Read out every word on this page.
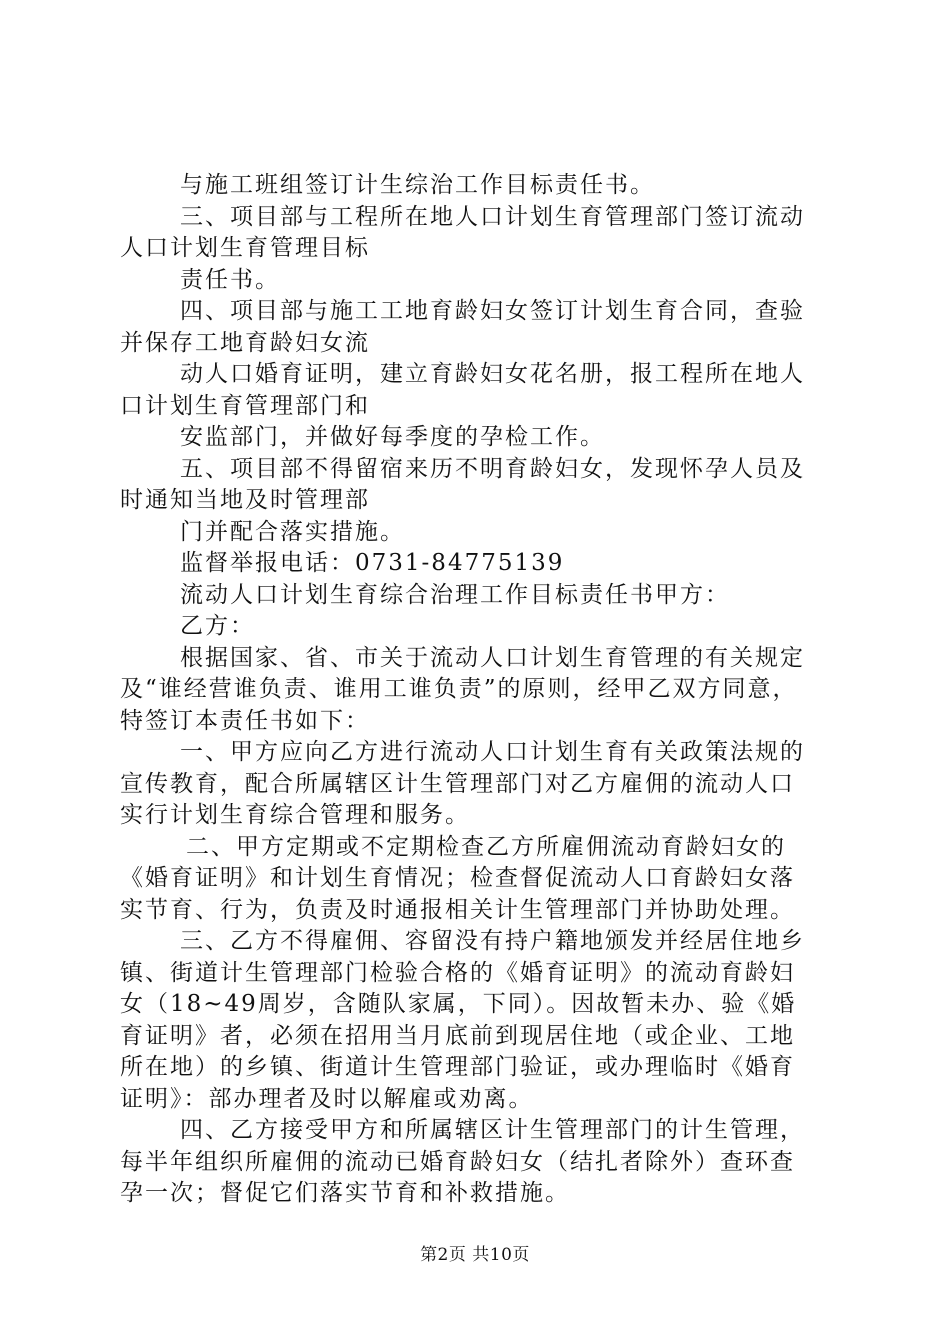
与施工班组签订计生综治工作目标责任书。
三、项目部与工程所在地人口计划生育管理部门签订流动
人口计划生育管理目标
责任书。
四、项目部与施工工地育龄妇女签订计划生育合同，查验
并保存工地育龄妇女流
动人口婚育证明，建立育龄妇女花名册，报工程所在地人
口计划生育管理部门和
安监部门，并做好每季度的孕检工作。
五、项目部不得留宿来历不明育龄妇女，发现怀孕人员及
时通知当地及时管理部
门并配合落实措施。
监督举报电话：0731-84775139
流动人口计划生育综合治理工作目标责任书甲方：
乙方：
根据国家、省、市关于流动人口计划生育管理的有关规定
及“谁经营谁负责、谁用工谁负责”的原则，经甲乙双方同意，
特签订本责任书如下：
一、甲方应向乙方进行流动人口计划生育有关政策法规的
宣传教育，配合所属辖区计生管理部门对乙方雇佣的流动人口
实行计划生育综合管理和服务。
二、甲方定期或不定期检查乙方所雇佣流动育龄妇女的
《婚育证明》和计划生育情况；检查督促流动人口育龄妇女落
实节育、行为，负责及时通报相关计生管理部门并协助处理。
三、乙方不得雇佣、容留没有持户籍地颁发并经居住地乡
镇、街道计生管理部门检验合格的《婚育证明》的流动育龄妇
女（18~49周岁，含随队家属，下同）。因故暂未办、验《婚
育证明》者，必须在招用当月底前到现居住地（或企业、工地
所在地）的乡镇、街道计生管理部门验证，或办理临时《婚育
证明》：部办理者及时以解雇或劝离。
四、乙方接受甲方和所属辖区计生管理部门的计生管理，
每半年组织所雇佣的流动已婚育龄妇女（结扎者除外）查环查
孕一次；督促它们落实节育和补救措施。
第2页 共10页
